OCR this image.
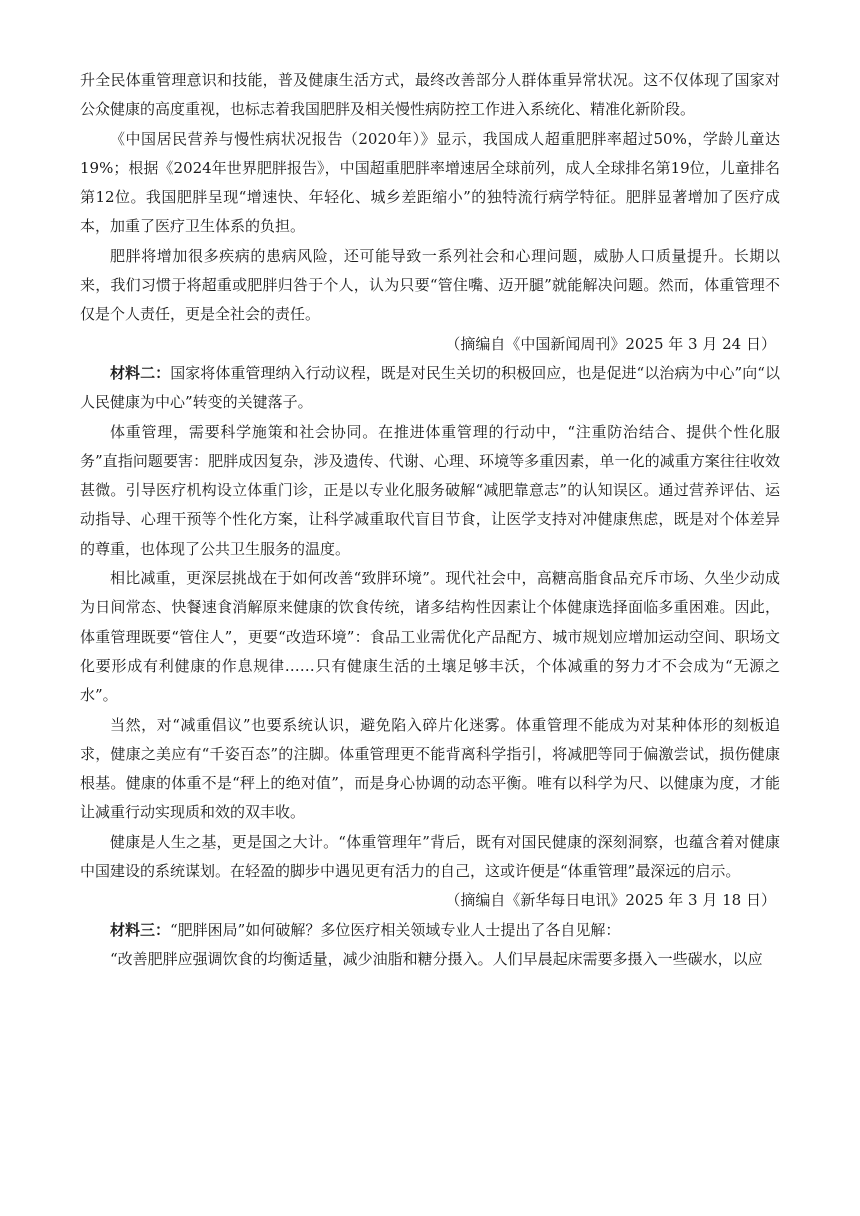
升全民体重管理意识和技能，普及健康生活方式，最终改善部分人群体重异常状况。这不仅体现了国家对公众健康的高度重视，也标志着我国肥胖及相关慢性病防控工作进入系统化、精准化新阶段。

《中国居民营养与慢性病状况报告（2020年）》显示，我国成人超重肥胖率超过50%，学龄儿童达19%；根据《2024年世界肥胖报告》，中国超重肥胖率增速居全球前列，成人全球排名第19位，儿童排名第12位。我国肥胖呈现“增速快、年轻化、城乡差距缩小”的独特流行病学特征。肥胖显著增加了医疗成本，加重了医疗卫生体系的负担。

肥胖将增加很多疾病的患病风险，还可能导致一系列社会和心理问题，威胁人口质量提升。长期以来，我们习惯于将超重或肥胖归咎于个人，认为只要“管住嘴、迈开腿”就能解决问题。然而，体重管理不仅是个人责任，更是全社会的责任。

（摘编自《中国新闻周刊》2025 年 3 月 24 日）

材料二：国家将体重管理纳入行动议程，既是对民生关切的积极回应，也是促进“以治病为中心”向“以人民健康为中心”转变的关键落子。

体重管理，需要科学施策和社会协同。在推进体重管理的行动中，“注重防治结合、提供个性化服务”直指问题要害：肥胖成因复杂，涉及遗传、代谢、心理、环境等多重因素，单一化的减重方案往往收效甚微。引导医疗机构设立体重门诊，正是以专业化服务破解“减肥靠意志”的认知误区。通过营养评估、运动指导、心理干预等个性化方案，让科学减重取代盲目节食，让医学支持对冲健康焦虑，既是对个体差异的尊重，也体现了公共卫生服务的温度。

相比减重，更深层挑战在于如何改善“致胖环境”。现代社会中，高糖高脂食品充斥市场、久坐少动成为日间常态、快餐速食消解原来健康的饮食传统，诸多结构性因素让个体健康选择面临多重困难。因此，体重管理既要“管住人”，更要“改造环境”：食品工业需优化产品配方、城市规划应增加运动空间、职场文化要形成有利健康的作息规律……只有健康生活的土壤足够丰沃，个体减重的努力才不会成为“无源之水”。

当然，对“减重倡议”也要系统认识，避免陷入碎片化迷雾。体重管理不能成为对某种体形的刻板追求，健康之美应有“千姿百态”的注脚。体重管理更不能背离科学指引，将减肥等同于偏激尝试，损伤健康根基。健康的体重不是“秤上的绝对值”，而是身心协调的动态平衡。唯有以科学为尺、以健康为度，才能让减重行动实现质和效的双丰收。

健康是人生之基，更是国之大计。“体重管理年”背后，既有对国民健康的深刻洞察，也蕴含着对健康中国建设的系统谋划。在轻盈的脚步中遇见更有活力的自己，这或许便是“体重管理”最深远的启示。

（摘编自《新华每日电讯》2025 年 3 月 18 日）

材料三：“肥胖困局”如何破解？多位医疗相关领域专业人士提出了各自见解：

“改善肥胖应强调饮食的均衡适量，减少油脂和糖分摄入。人们早晨起床需要多摄入一些碳水，以应
